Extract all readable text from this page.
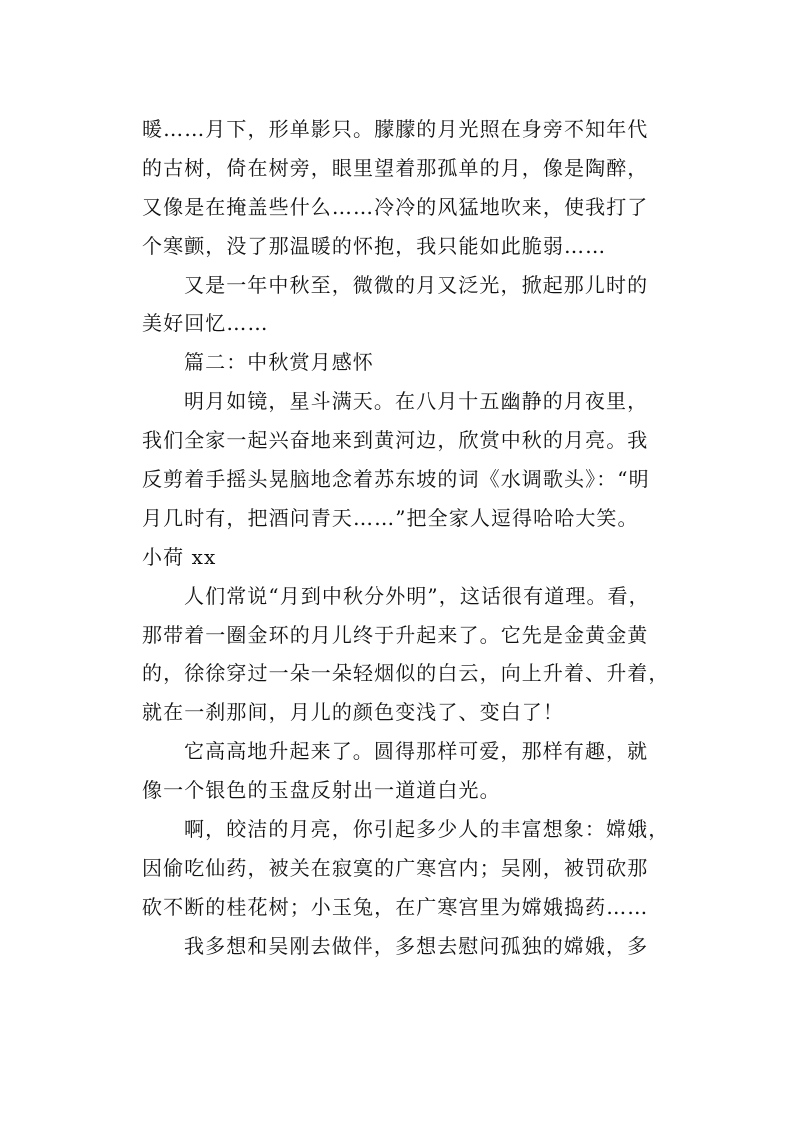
暖……月下，形单影只。朦朦的月光照在身旁不知年代
的古树，倚在树旁，眼里望着那孤单的月，像是陶醉，
又像是在掩盖些什么……冷冷的风猛地吹来，使我打了
个寒颤，没了那温暖的怀抱，我只能如此脆弱……
又是一年中秋至，微微的月又泛光，掀起那儿时的
美好回忆……
篇二：中秋赏月感怀
明月如镜，星斗满天。在八月十五幽静的月夜里，
我们全家一起兴奋地来到黄河边，欣赏中秋的月亮。我
反剪着手摇头晃脑地念着苏东坡的词《水调歌头》：“明
月几时有，把酒问青天……”把全家人逗得哈哈大笑。
小荷 xx
人们常说“月到中秋分外明”，这话很有道理。看，
那带着一圈金环的月儿终于升起来了。它先是金黄金黄
的，徐徐穿过一朵一朵轻烟似的白云，向上升着、升着，
就在一刹那间，月儿的颜色变浅了、变白了！
它高高地升起来了。圆得那样可爱，那样有趣，就
像一个银色的玉盘反射出一道道白光。
啊，皎洁的月亮，你引起多少人的丰富想象：嫦娥，
因偷吃仙药，被关在寂寞的广寒宫内；吴刚，被罚砍那
砍不断的桂花树；小玉兔，在广寒宫里为嫦娥捣药……
我多想和吴刚去做伴，多想去慰问孤独的嫦娥，多
